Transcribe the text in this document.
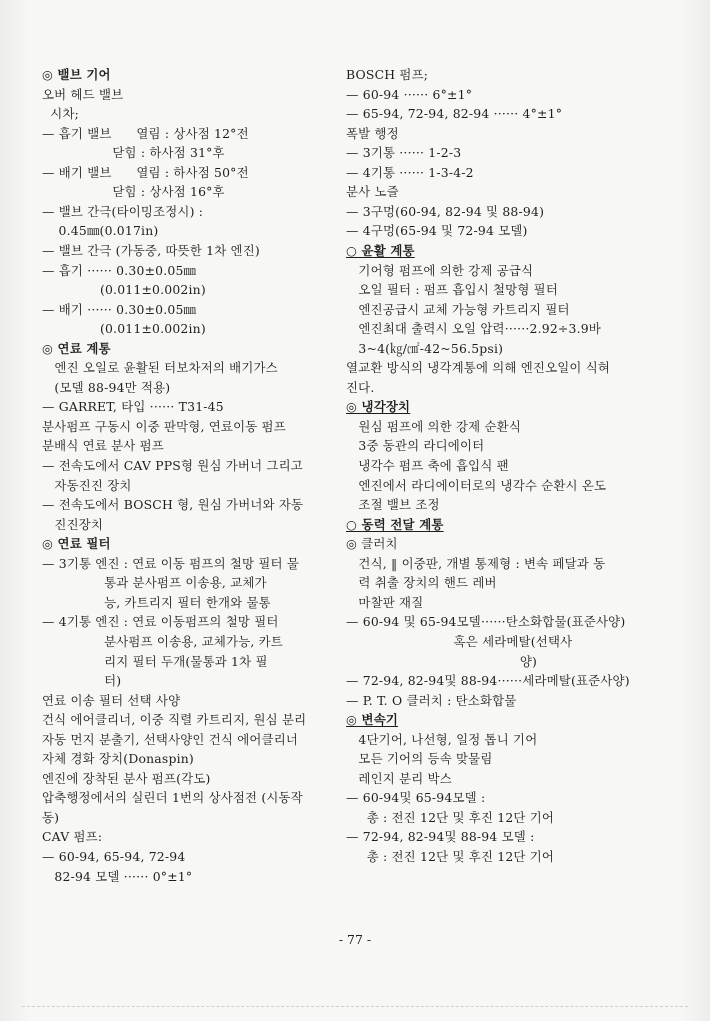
◎ 밸브 기어
오버 헤드 밸브
시차;
— 흡기 밸브      열림 : 상사점 12°전
닫힘 : 하사점 31°후
— 배기 밸브      열림 : 하사점 50°전
닫힘 : 상사점 16°후
— 밸브 간극(타이밍조정시) :
0.45㎜(0.017in)
— 밸브 간극 (가동중, 따뜻한 1차 엔진)
— 흡기 ······ 0.30±0.05㎜
(0.011±0.002in)
— 배기 ······ 0.30±0.05㎜
(0.011±0.002in)
◎ 연료 계통
엔진 오일로 윤활된 터보차저의 배기가스
(모델 88-94만 적용)
— GARRET, 타입 ······ T31-45
분사펌프 구동시 이중 판막형, 연료이동 펌프
분배식 연료 분사 펌프
— 전속도에서 CAV PPS형 원심 가버너 그리고
자동진진 장치
— 전속도에서 BOSCH 형, 원심 가버너와 자동
진진장치
◎ 연료 필터
— 3기통 엔진 : 연료 이동 펌프의 철망 필터 물
통과 분사펌프 이송용, 교체가
능, 카트리지 필터 한개와 물통
— 4기통 엔진 : 연료 이동펌프의 철망 필터
분사펌프 이송용, 교체가능, 카트
리지 필터 두개(물통과 1차 필
터)
연료 이송 필터 선택 사양
건식 에어클리너, 이중 직렬 카트리지, 원심 분리
자동 먼지 분출기, 선택사양인 건식 에어클리너
자체 경화 장치(Donaspin)
엔진에 장착된 분사 펌프(각도)
압축행정에서의 실린더 1번의 상사점전 (시동작
동)
CAV 펌프:
— 60-94, 65-94, 72-94
82-94 모델 ······ 0°±1°
BOSCH 펌프;
— 60-94 ······ 6°±1°
— 65-94, 72-94, 82-94 ······ 4°±1°
폭발 행정
— 3기통 ······ 1-2-3
— 4기통 ······ 1-3-4-2
분사 노즐
— 3구멍(60-94, 82-94 및 88-94)
— 4구멍(65-94 및 72-94 모델)
○ 윤활 계통
기어형 펌프에 의한 강제 공급식
오일 필터 : 펌프 흡입시 철망형 필터
엔진공급시 교체 가능형 카트리지 필터
엔진최대 출력시 오일 압력······2.92÷3.9바
3~4(㎏/㎠-42~56.5psi)
열교환 방식의 냉각계통에 의해 엔진오일이 식혀
진다.
◎ 냉각장치
원심 펌프에 의한 강제 순환식
3중 동관의 라디에이터
냉각수 펌프 축에 흡입식 팬
엔진에서 라디에이터로의 냉각수 순환시 온도
조절 밸브 조정
○ 동력 전달 계통
◎ 클러치
건식, ‖ 이중판, 개별 통제형 : 변속 페달과 동
력 취출 장치의 핸드 레버
마찰판 재질
— 60-94 및 65-94모델······탄소화합물(표준사양)
혹은 세라메탈(선택사
양)
— 72-94, 82-94및 88-94······세라메탈(표준사양)
— P. T. O 클러치 : 탄소화합물
◎ 변속기
4단기어, 나선형, 일정 톱니 기어
모든 기어의 등속 맞물림
레인지 분리 박스
— 60-94및 65-94모델 :
총 : 전진 12단 및 후진 12단 기어
— 72-94, 82-94및 88-94 모델 :
총 : 전진 12단 및 후진 12단 기어
- 77 -
